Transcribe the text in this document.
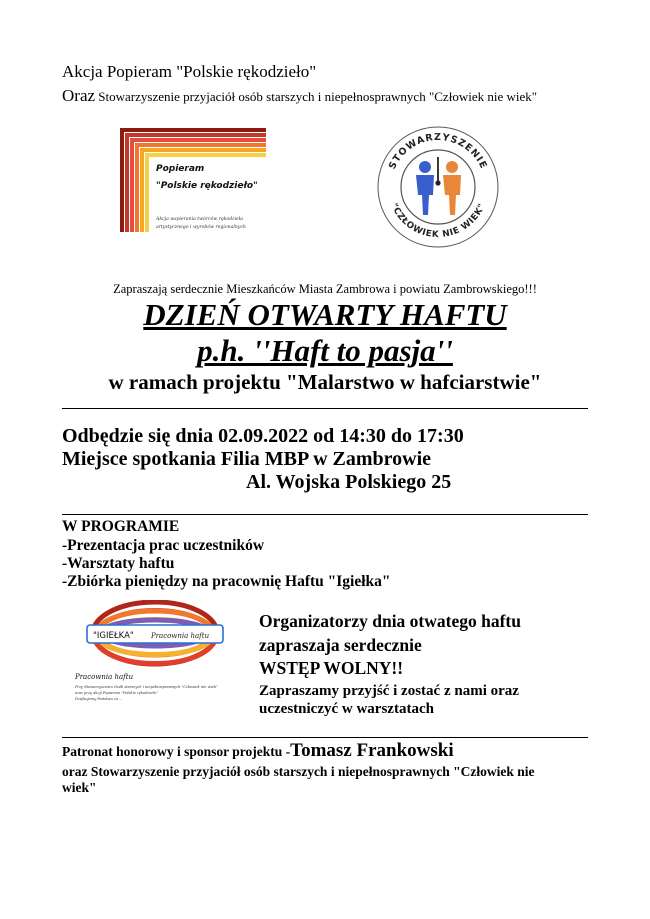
Akcja Popieram "Polskie rękodzieło"
Oraz Stowarzyszenie przyjaciół osób starszych i niepełnosprawnych "Człowiek nie wiek"
Popieram
"Polskie rękodzieło"
Akcja wspierania twórców rękodzieła
artystycznego i wyrobów regionalnych
STOWARZYSZENIE
"CZŁOWIEK NIE WIEK"
Zapraszają serdecznie Mieszkańców Miasta Zambrowa i powiatu Zambrowskiego!!!
DZIEŃ OTWARTY HAFTU
p.h. ''Haft to pasja''
w ramach projektu "Malarstwo w hafciarstwie"
Odbędzie się dnia 02.09.2022 od 14:30 do 17:30
Miejsce spotkania Filia MBP w Zambrowie
Al. Wojska Polskiego 25
W PROGRAMIE
-Prezentacja prac uczestników
-Warsztaty haftu
-Zbiórka pieniędzy na pracownię Haftu "Igiełka"
"IGIEŁKA" Pracownia haftu
Pracownia haftu
Przy Stowarzyszeniu Osób starszych i niepełnosprawnych "Człowiek nie wiek"
oraz przy akcji Popieram "Polskie rękodzieło"
Dziękujemy Państwu za ...
Organizatorzy dnia otwatego haftu
zapraszaja serdecznie
WSTĘP WOLNY!!
Zapraszamy przyjść i zostać z nami oraz
uczestniczyć w warsztatach
Patronat honorowy i sponsor projektu -Tomasz Frankowski
oraz Stowarzyszenie przyjaciół osób starszych i niepełnosprawnych "Człowiek nie
wiek"
